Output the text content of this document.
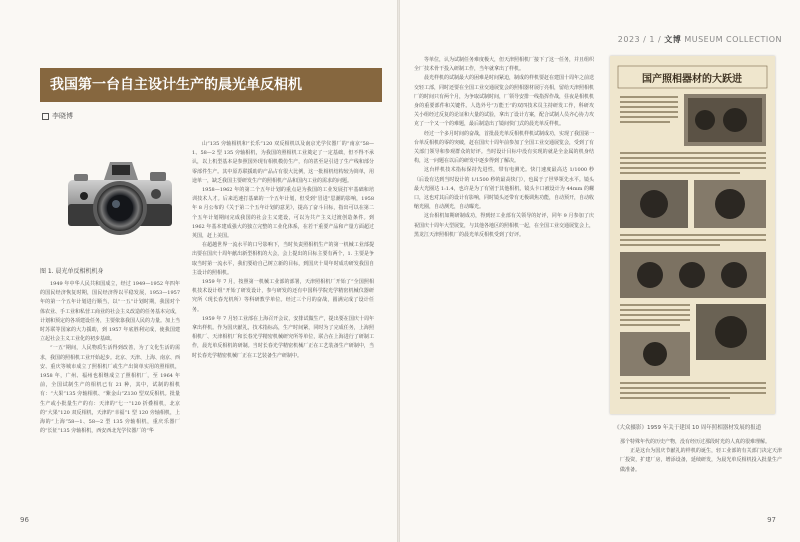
我国第一台自主设计生产的晨光单反相机
李晓博
图 1. 晨光单反相机机身

1949 年中华人民共和国成立，经过 1949—1952 年四年的国民经济恢复时期，国民经济得以平稳发展，1953—1957 年的第一个五年计划进行顺当，以“一五”计划时期，我国对个体农业、手工业和私营工商业的社会主义改造的任务基本完成，计划和预定的各项建设任务，主要依靠我国人民的力量。加上当时苏联等国家的大力援助，到 1957 年底胜利完成，使我国建立起社会主义工业化的初步基础。

“一五”期间，人民物质生活得到改善，为了文化生活的需求，我国的照相机工业开始起步。北京、天津、上海、南京、西安、重庆等城市成立了照相机厂或生产出简单实用的照相机，1958 年，广州、福州也相继成立了照相机厂，至 1964 年前，全国试制生产的相机已有 21 种，其中，试制的相机有：“大果”135 旁轴相机、“紫金山”Z130 型双反相机。批量生产或小批量生产的有：天津的“七一”120 折叠相机，北京的“大果”120 双反相机，天津的“幸福”1 型 120 旁轴相机，上海的“上海”58—1、58—2 型 135 旁轴相机，重庆乐器厂的“长征”135 旁轴相机，西安西北光学仪器厂的“华

山”135 旁轴相机和“长乐”120 双反相机以及南京光学仪器厂的“南京”58—1、58—2 型 135 旁轴相机，为我国的照相机工业奠定了一定基础，但不得不承认，以上机型基本是参照国外现有相机模仿生产，有的甚至是引进了生产线和部分零部件生产。其中原苏联援助的产品占有很大比例，这一批相机结构较为简单，用途单一，缺乏我国主要研发生产的照相机产品和国内工业的需求的问题。

1958—1962 年的第二个五年计划的重点是为我国的工业发展打牢基础和培训技术人才。后来迅速打基础的一个五年计划，但受到“冒进”思潮的影响，1958 年 8 月公布的《关于第二个五年计划的意见》，提高了奋斗目标，指出可以在第二个五年计划期间完成我国的社会主义建设，可以为共产主义过渡创造条件。到 1962 年基本建成强大的独立完整的工业化体系，在若干重要产品和产量方面超过英国，赶上美国。

在超越世界一流水平的口号影响下，当时负责照相机生产的第一机械工业部提出要在国庆十周年献出新型相机的大会，会上提出的目标主要有两个，1. 主要是争取当时第一流水平，我们要给自己树立新的目标，到国庆十周年时成功研发我国自主设计的照相机。

1959 年 7 月，按照第一机械工业部的部署，天津照相机厂开始了“全国照相机技术设计组”开始了研发设计，参与研发的还有中国科学院光学精密机械仪器研究所（现长春光机所）等科研教学单位。经过三个月的奋战，圆满完成了设计任务。

1959 年 7 月轻工业部在上海召开会议，安排试做生产，提出要在国庆十周年拿出样机。作为国庆献礼，技术指标高，生产时间紧，同时为了完成任务，上海照相机厂、天津相机厂和长春光学精密机械研究所等单位，联合在上海进行了研制工作，晨光单反相机的研制。当时长春光学精密机械厂正在工艺装备生产研制中，当时长春光学精密机械厂正在工艺装备生产研制中。

96
2023 / 1 / 文博 MUSEUM COLLECTION

等单位，认为试制任务难度极大，但天津照相机厂接下了这一任务，并且组织全厂技术骨干投入研制工作，当年就拿出了样机。

晨光样机的试制最大的困难是时间紧迫，制成的样机要赶在建国十周年之前送交轻工部，同时还要在全国工业交通展览会的照相器材展厅亮相，留给天津照相机厂的时间只有两个月，为争取试制时间，厂领导安排一线指挥作战，昼夜是相机机身的重要部件和关键件。人选外号“万能王”的双四技术员主持研发工作，科研攻关小组经过反复的论证和大量的试验，拿出了设计方案，配合试制人员齐心协力攻克了一个又一个的难题，最后制造出了镜间快门式的晨光单反样机。

经过一个多月时间的奋战，首批晨光单反相机样机试制成功，实现了我国第一台单反相机的零的突破，赶在国庆十周年前参加了全国工业交通展览会，受到了有关部门领导和参观群众的好评。当时设计目标中没有实现的就是全金属的机身结构，这一问题在以后的研发中逐步得到了解决。

这台样机技术指标保持先进性，带有电测光。快门速度最高达 1/1000 秒（后设有达到当时设计的 1/1500 秒的最高快门），也属于了世界领先水平。镜头最大光圈达 1:1.4，也许是为了有别于其他相机，镜头卡口被设计为 44mm 的螺口，这也对其后的设计有影响，同时镜头还带有无极调焦功能，自动预开，自动收缩光圈，自动测光，自动曝光。

这台相机如期研制成功，得到轻工业部有关领导的好评，同年 9 月参加了庆祝国庆十周年大型展览，与其他各地区的照相机一起，在全国工业交通展览会上，黑龙江天津照相机厂的晨光单反相机受到了好评。

国产照相器材的大跃进
《大众摄影》1959 年关于建国 10 周年照相器材发展的报道

那个特殊年代的历史产物，没有经历过那段时光的人真的很难理解。

正是这台为国庆节献礼的样机的诞生，轻工业部的有关部门决定天津厂投资，扩建厂房，增添设备，延续研发，为晨光单反相机投入批量生产做准备。

97
